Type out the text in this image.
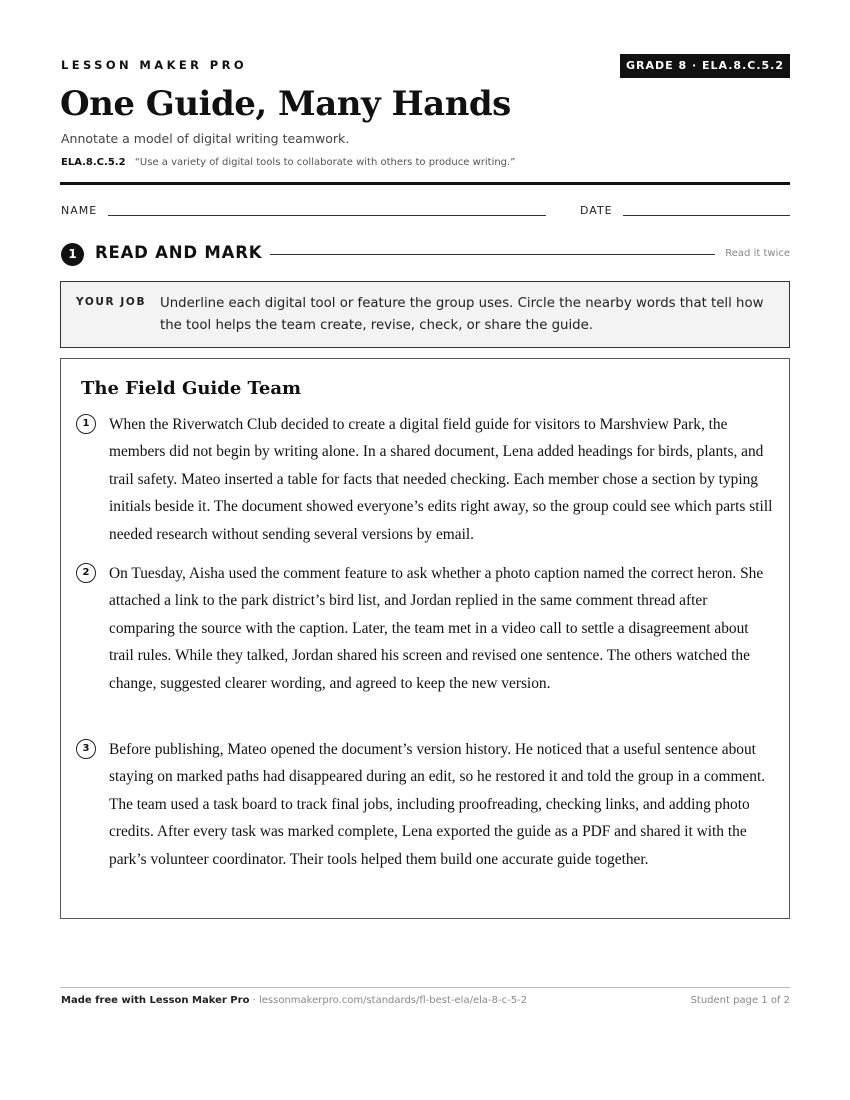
LESSON MAKER PRO	GRADE 8 · ELA.8.C.5.2
One Guide, Many Hands
Annotate a model of digital writing teamwork.
ELA.8.C.5.2 “Use a variety of digital tools to collaborate with others to produce writing.”
NAME	DATE
1	READ AND MARK	Read it twice
YOUR JOB Underline each digital tool or feature the group uses. Circle the nearby words that tell how the tool helps the team create, revise, check, or share the guide.
The Field Guide Team
1	When the Riverwatch Club decided to create a digital field guide for visitors to Marshview Park, the members did not begin by writing alone. In a shared document, Lena added headings for birds, plants, and trail safety. Mateo inserted a table for facts that needed checking. Each member chose a section by typing initials beside it. The document showed everyone’s edits right away, so the group could see which parts still needed research without sending several versions by email.

2	On Tuesday, Aisha used the comment feature to ask whether a photo caption named the correct heron. She attached a link to the park district’s bird list, and Jordan replied in the same comment thread after comparing the source with the caption. Later, the team met in a video call to settle a disagreement about trail rules. While they talked, Jordan shared his screen and revised one sentence. The others watched the change, suggested clearer wording, and agreed to keep the new version.

3	Before publishing, Mateo opened the document’s version history. He noticed that a useful sentence about staying on marked paths had disappeared during an edit, so he restored it and told the group in a comment. The team used a task board to track final jobs, including proofreading, checking links, and adding photo credits. After every task was marked complete, Lena exported the guide as a PDF and shared it with the park’s volunteer coordinator. Their tools helped them build one accurate guide together.

Made free with Lesson Maker Pro · lessonmakerpro.com/standards/fl-best-ela/ela-8-c-5-2	Student page 1 of 2
